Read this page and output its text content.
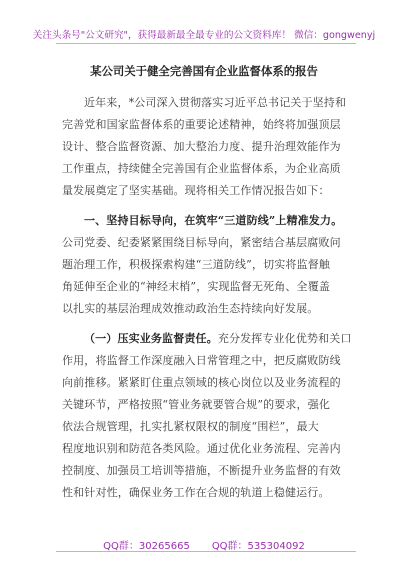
关注头条号"公文研究"，获得最新最全最专业的公文资料库！ 微信：gongwenyj
某公司关于健全完善国有企业监督体系的报告

近年来，*公司深入贯彻落实习近平总书记关于坚持和
完善党和国家监督体系的重要论述精神，始终将加强顶层
设计、整合监督资源、加大整治力度、提升治理效能作为
工作重点，持续健全完善国有企业监督体系，为企业高质
量发展奠定了坚实基础。现将相关工作情况报告如下：

一、坚持目标导向，在筑牢“三道防线”上精准发力。
公司党委、纪委紧紧围绕目标导向，紧密结合基层腐败问
题治理工作，积极探索构建“三道防线”，切实将监督触
角延伸至企业的“神经末梢”，实现监督无死角、全覆盖
以扎实的基层治理成效推动政治生态持续向好发展。

（一）压实业务监督责任。充分发挥专业化优势和关口
作用，将监督工作深度融入日常管理之中，把反腐败防线
向前推移。紧紧盯住重点领域的核心岗位以及业务流程的
关键环节，严格按照“管业务就要管合规”的要求，强化
依法合规管理，扎实扎紧权限权的制度“围栏”，最大
程度地识别和防范各类风险。通过优化业务流程、完善内
控制度、加强员工培训等措施，不断提升业务监督的有效
性和针对性，确保业务工作在合规的轨道上稳健运行。

QQ群：30265665 QQ群：535304092
